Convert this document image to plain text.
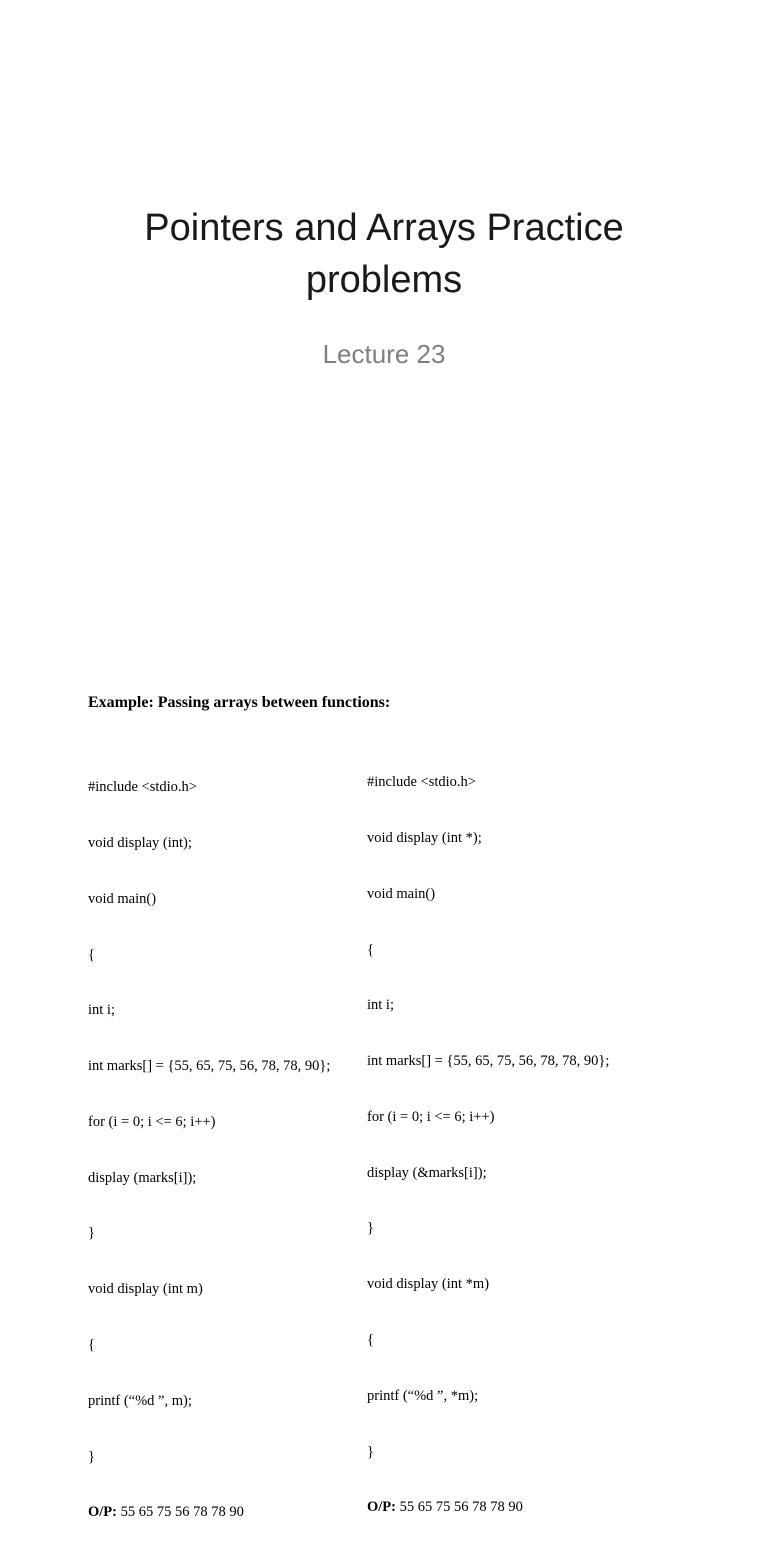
Pointers and Arrays Practice
problems
Lecture 23
Example: Passing arrays between functions:

#include <stdio.h>

void display (int);

void main()

{

int i;

int marks[] = {55, 65, 75, 56, 78, 78, 90};

for (i = 0; i <= 6; i++)

display (marks[i]);

}

void display (int m)

{

printf (“%d ”, m);

}

O/P: 55 65 75 56 78 78 90

#include <stdio.h>

void display (int *);

void main()

{

int i;

int marks[] = {55, 65, 75, 56, 78, 78, 90};

for (i = 0; i <= 6; i++)

display (&marks[i]);

}

void display (int *m)

{

printf (“%d ”, *m);

}

O/P: 55 65 75 56 78 78 90
